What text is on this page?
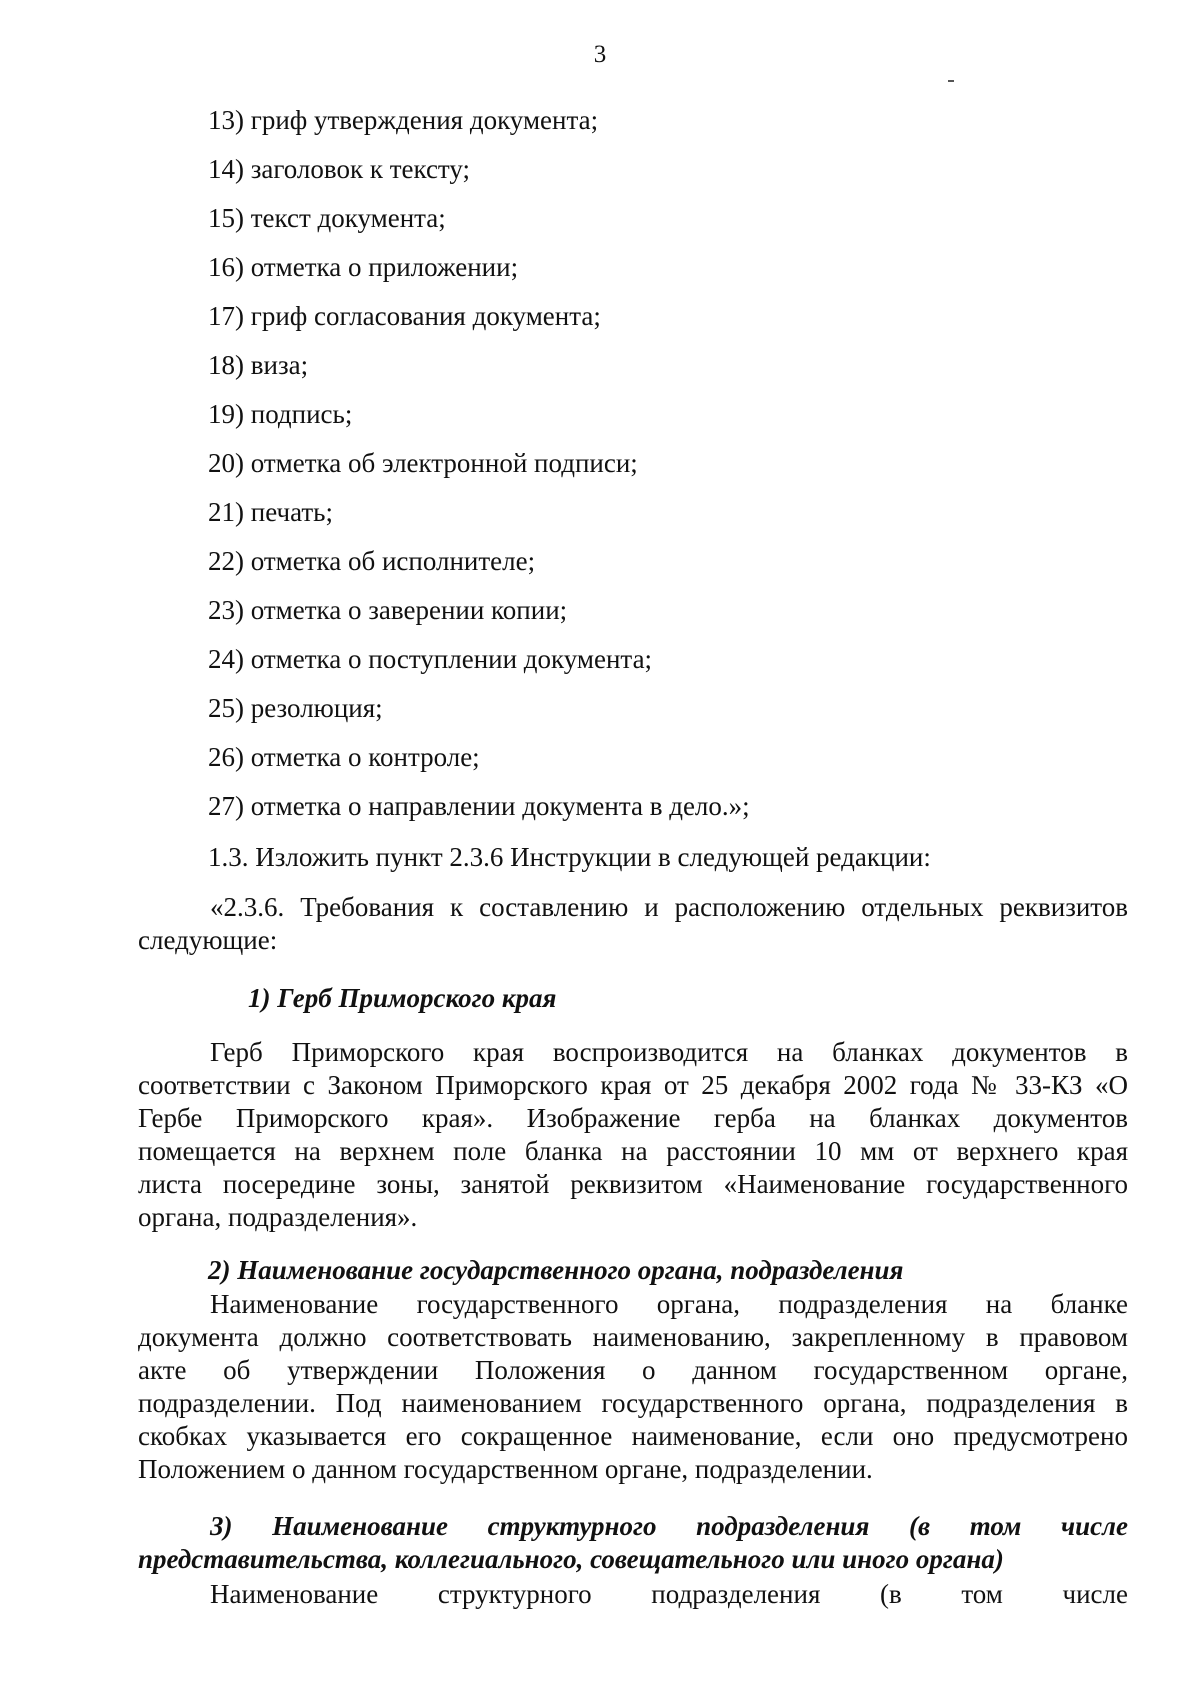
3
13) гриф утверждения документа;
14) заголовок к тексту;
15) текст документа;
16) отметка о приложении;
17) гриф согласования документа;
18) виза;
19) подпись;
20) отметка об электронной подписи;
21) печать;
22) отметка об исполнителе;
23) отметка о заверении копии;
24) отметка о поступлении документа;
25) резолюция;
26) отметка о контроле;
27) отметка о направлении документа в дело.»;

1.3. Изложить пункт 2.3.6 Инструкции в следующей редакции:

«2.3.6. Требования к составлению и расположению отдельных реквизитов

следующие:

1) Герб Приморского края

Герб Приморского края воспроизводится на бланках документов в

соответствии с Законом Приморского края от 25 декабря 2002 года № 33-КЗ «О

Гербе Приморского края». Изображение герба на бланках документов

помещается на верхнем поле бланка на расстоянии 10 мм от верхнего края

листа посередине зоны, занятой реквизитом «Наименование государственного

органа, подразделения».

2) Наименование государственного органа, подразделения

Наименование государственного органа, подразделения на бланке

документа должно соответствовать наименованию, закрепленному в правовом

акте об утверждении Положения о данном государственном органе,

подразделении. Под наименованием государственного органа, подразделения в

скобках указывается его сокращенное наименование, если оно предусмотрено

Положением о данном государственном органе, подразделении.

3) Наименование структурного подразделения (в том числе

представительства, коллегиального, совещательного или иного органа)

Наименование структурного подразделения (в том числе
